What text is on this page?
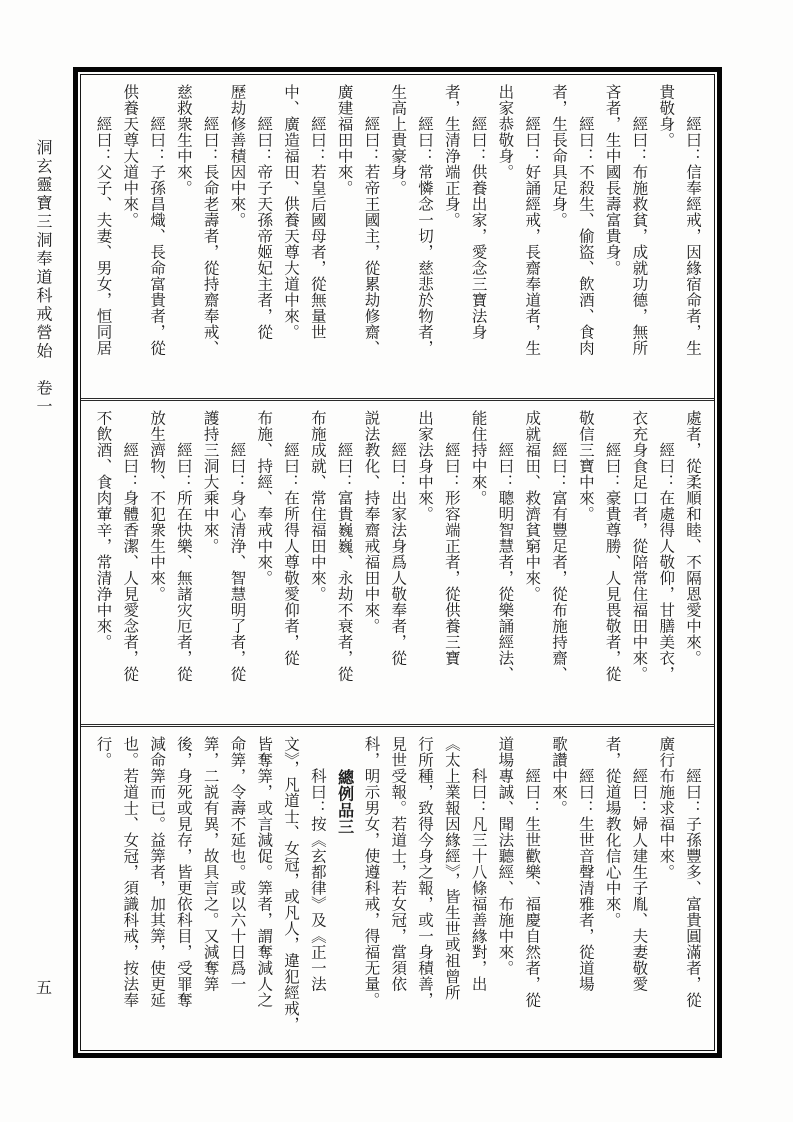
洞玄靈寶三洞奉道科戒營始　卷一
五
　　經曰：信奉經戒，因緣宿命者，生
貴敬身。
　　經曰：布施救貧，成就功德，無所
吝者，生中國長壽富貴身。
　　經曰：不殺生、偷盜、飲酒、食肉
者，生長命具足身。
　　經曰：好誦經戒，長齋奉道者，生
出家恭敬身。
　　經曰：供養出家，愛念三寶法身
者，生清浄端正身。
　　經曰：常憐念一切，慈悲於物者，
生高上貴豪身。
　　經曰：若帝王國主，從累劫修齋、
廣建福田中來。
　　經曰：若皇后國母者，從無量世
中、廣造福田、供養天尊大道中來。
　　經曰：帝子天孫帝姬妃主者，從
歷劫修善積因中來。
　　經曰：長命老壽者，從持齋奉戒、
慈救衆生中來。
　　經曰：子孫昌熾、長命富貴者，從
供養天尊大道中來。
　　經曰：父子、夫妻、男女，恒同居
處者，從柔順和睦、不隔恩愛中來。
　　經曰：在處得人敬仰，甘膳美衣，
衣充身食足口者，從陪常住福田中來。
　　經曰：豪貴尊勝、人見畏敬者，從
敬信三寶中來。
　　經曰：富有豐足者，從布施持齋、
成就福田、救濟貧窮中來。
　　經曰：聰明智慧者，從樂誦經法、
能住持中來。
　　經曰：形容端正者，從供養三寶
出家法身中來。
　　經曰：出家法身爲人敬奉者，從
説法教化、持奉齋戒福田中來。
　　經曰：富貴巍巍、永劫不衰者，從
布施成就、常住福田中來。
　　經曰：在所得人尊敬愛仰者，從
布施、持經、奉戒中來。
　　經曰：身心清浄、智慧明了者，從
護持三洞大乘中來。
　　經曰：所在快樂、無諸灾厄者，從
放生濟物、不犯衆生中來。
　　經曰：身體香潔、人見愛念者，從
不飲酒、食肉葷辛，常清浄中來。
　　經曰：子孫豐多、富貴圓滿者，從
廣行布施求福中來。
　　經曰：婦人建生子胤、夫妻敬愛
者，從道場教化信心中來。
　　經曰：生世音聲清雅者，從道場
歌讚中來。
　　經曰：生世歡樂、福慶自然者，從
道場專誠、聞法聽經、布施中來。
　　科曰：凡三十八條福善緣對，出
《太上業報因緣經》，皆生世或祖曾所
行所種，致得今身之報，或一身積善，
見世受報。若道士，若女冠，當須依
科，明示男女，使遵科戒，得福无量。
　　總例品三
　　科曰：按《玄都律》及《正一法
文》，凡道士、女冠，或凡人，違犯經戒，
皆奪筭，或言減促。筭者，謂奪減人之
命筭，令壽不延也。或以六十日爲一
筭，二説有異，故具言之。又減奪筭
後，身死或見存，皆更依科目，受罪奪
減命筭而已。益筭者，加其筭，使更延
也。若道士、女冠，須識科戒，按法奉
行。
